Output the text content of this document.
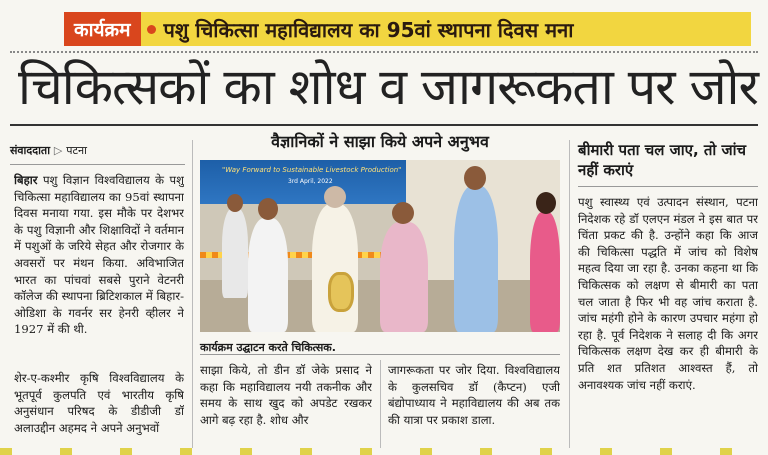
कार्यक्रम	पशु चिकित्सा महाविद्यालय का 95वां स्थापना दिवस मना
चिकित्सकों का शोध व जागरूकता पर जोर
संवाददाता ▷ पटना

बिहार पशु विज्ञान विश्वविद्यालय के पशु चिकित्सा महाविद्यालय का 95वां स्थापना दिवस मनाया गया. इस मौके पर देशभर के पशु विज्ञानी और शिक्षाविदों ने वर्तमान में पशुओं के जरिये सेहत और रोजगार के अवसरों पर मंथन किया. अविभाजित भारत का पांचवां सबसे पुराने वेटनरी कॉलेज की स्थापना ब्रिटिशकाल में बिहार-ओडिशा के गवर्नर सर हेनरी व्हीलर ने 1927 में की थी.

शेर-ए-कश्मीर कृषि विश्वविद्यालय के भूतपूर्व कुलपति एवं भारतीय कृषि अनुसंधान परिषद के डीडीजी डॉ अलाउद्दीन अहमद ने अपने अनुभवों

वैज्ञानिकों ने साझा किये अपने अनुभव
"Way Forward to Sustainable Livestock Production"
3rd April, 2022
कार्यक्रम उद्घाटन करते चिकित्सक.

साझा किये, तो डीन डॉ जेके प्रसाद ने कहा कि महाविद्यालय नयी तकनीक और समय के साथ खुद को अपडेट रखकर आगे बढ़ रहा है. शोध और

जागरूकता पर जोर दिया. विश्वविद्यालय के कुलसचिव डॉ (कैप्टन) एजी बंद्योपाध्याय ने महाविद्यालय की अब तक की यात्रा पर प्रकाश डाला.

बीमारी पता चल जाए, तो जांच नहीं कराएं

पशु स्वास्थ्य एवं उत्पादन संस्थान, पटना निदेशक रहे डॉ एलएन मंडल ने इस बात पर चिंता प्रकट की है. उन्होंने कहा कि आज की चिकित्सा पद्धति में जांच को विशेष महत्व दिया जा रहा है. उनका कहना था कि चिकित्सक को लक्षण से बीमारी का पता चल जाता है फिर भी वह जांच कराता है. जांच महंगी होने के कारण उपचार महंगा हो रहा है. पूर्व निदेशक ने सलाह दी कि अगर चिकित्सक लक्षण देख कर ही बीमारी के प्रति शत प्रतिशत आश्वस्त हैं, तो अनावश्यक जांच नहीं कराएं.
